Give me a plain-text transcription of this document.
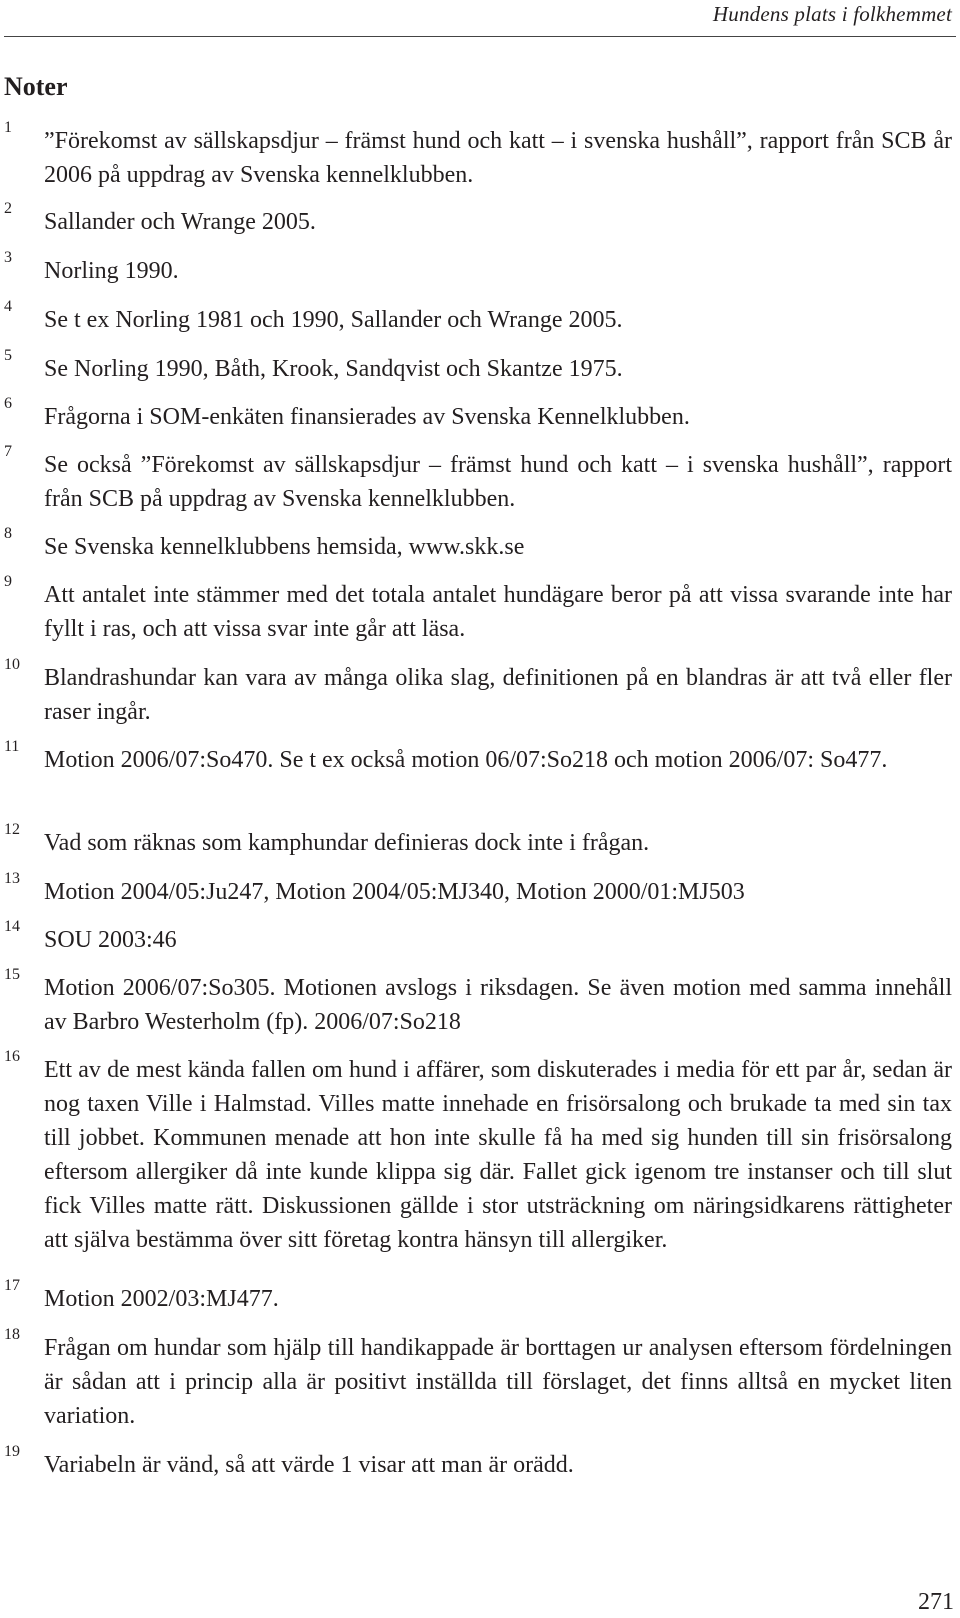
Hundens plats i folkhemmet
Noter
1

”Förekomst av sällskapsdjur – främst hund och katt – i svenska hushåll”, rapport från SCB år 2006 på uppdrag av Svenska kennelklubben.

2

Sallander och Wrange 2005.

3

Norling 1990.

4

Se t ex Norling 1981 och 1990, Sallander och Wrange 2005.

5

Se Norling 1990, Båth, Krook, Sandqvist och Skantze 1975.

6

Frågorna i SOM-enkäten finansierades av Svenska Kennelklubben.

7

Se också ”Förekomst av sällskapsdjur – främst hund och katt – i svenska hushåll”, rapport från SCB på uppdrag av Svenska kennelklubben.

8

Se Svenska kennelklubbens hemsida, www.skk.se

9

Att antalet inte stämmer med det totala antalet hundägare beror på att vissa svarande inte har fyllt i ras, och att vissa svar inte går att läsa.

10

Blandrashundar kan vara av många olika slag, definitionen på en blandras är att två eller fler raser ingår.

11

Motion 2006/07:So470. Se t ex också motion 06/07:So218 och motion 2006/07: So477.

12

Vad som räknas som kamphundar definieras dock inte i frågan.

13

Motion 2004/05:Ju247, Motion 2004/05:MJ340, Motion 2000/01:MJ503

14

SOU 2003:46

15

Motion 2006/07:So305. Motionen avslogs i riksdagen. Se även motion med samma innehåll av Barbro Westerholm (fp). 2006/07:So218

16

Ett av de mest kända fallen om hund i affärer, som diskuterades i media för ett par år, sedan är nog taxen Ville i Halmstad. Villes matte innehade en frisörsalong och brukade ta med sin tax till jobbet. Kommunen menade att hon inte skulle få ha med sig hunden till sin frisörsalong eftersom allergiker då inte kunde klippa sig där. Fallet gick igenom tre instanser och till slut fick Villes matte rätt. Diskussionen gällde i stor utsträckning om näringsidkarens rättigheter att själva bestämma över sitt företag kontra hänsyn till allergiker.

17

Motion 2002/03:MJ477.

18

Frågan om hundar som hjälp till handikappade är borttagen ur analysen eftersom fördelningen är sådan att i princip alla är positivt inställda till förslaget, det finns alltså en mycket liten variation.

19

Variabeln är vänd, så att värde 1 visar att man är orädd.

271
